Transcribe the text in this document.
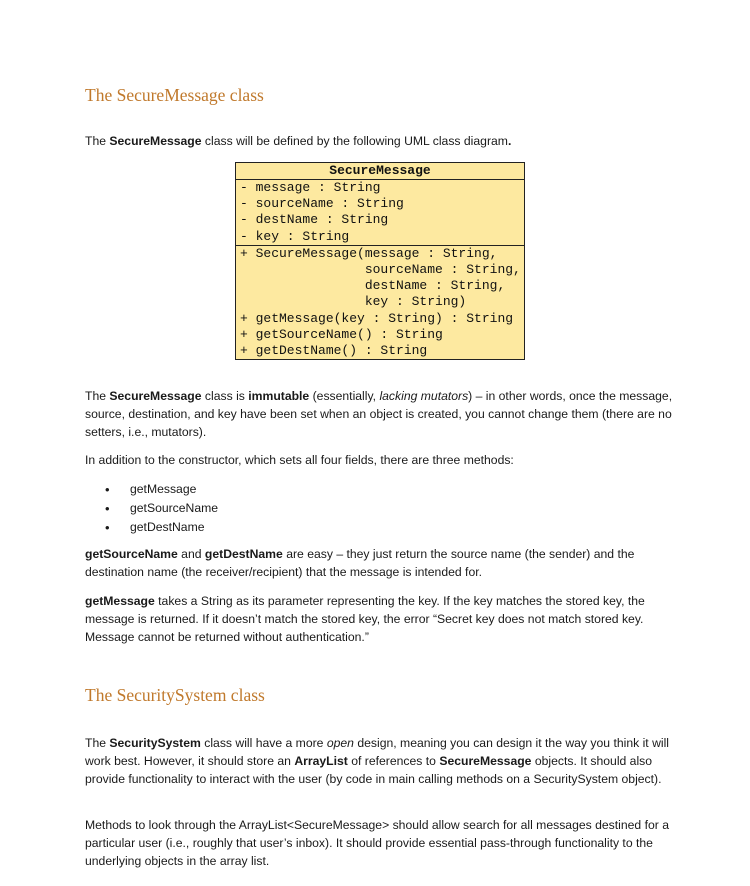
The SecureMessage class

The SecureMessage class will be defined by the following UML class diagram.

SecureMessage
- message : String
- sourceName : String
- destName : String
- key : String
+ SecureMessage(message : String,
sourceName : String,
destName : String,
key : String)
+ getMessage(key : String) : String
+ getSourceName() : String
+ getDestName() : String

The SecureMessage class is immutable (essentially, lacking mutators) – in other words, once the message, source, destination, and key have been set when an object is created, you cannot change them (there are no setters, i.e., mutators).

In addition to the constructor, which sets all four fields, there are three methods:

• getMessage
• getSourceName
• getDestName

getSourceName and getDestName are easy – they just return the source name (the sender) and the destination name (the receiver/recipient) that the message is intended for.

getMessage takes a String as its parameter representing the key. If the key matches the stored key, the message is returned. If it doesn’t match the stored key, the error “Secret key does not match stored key. Message cannot be returned without authentication.”

The SecuritySystem class

The SecuritySystem class will have a more open design, meaning you can design it the way you think it will work best. However, it should store an ArrayList of references to SecureMessage objects. It should also provide functionality to interact with the user (by code in main calling methods on a SecuritySystem object).

Methods to look through the ArrayList<SecureMessage> should allow search for all messages destined for a particular user (i.e., roughly that user’s inbox). It should provide essential pass-through functionality to the underlying objects in the array list.
